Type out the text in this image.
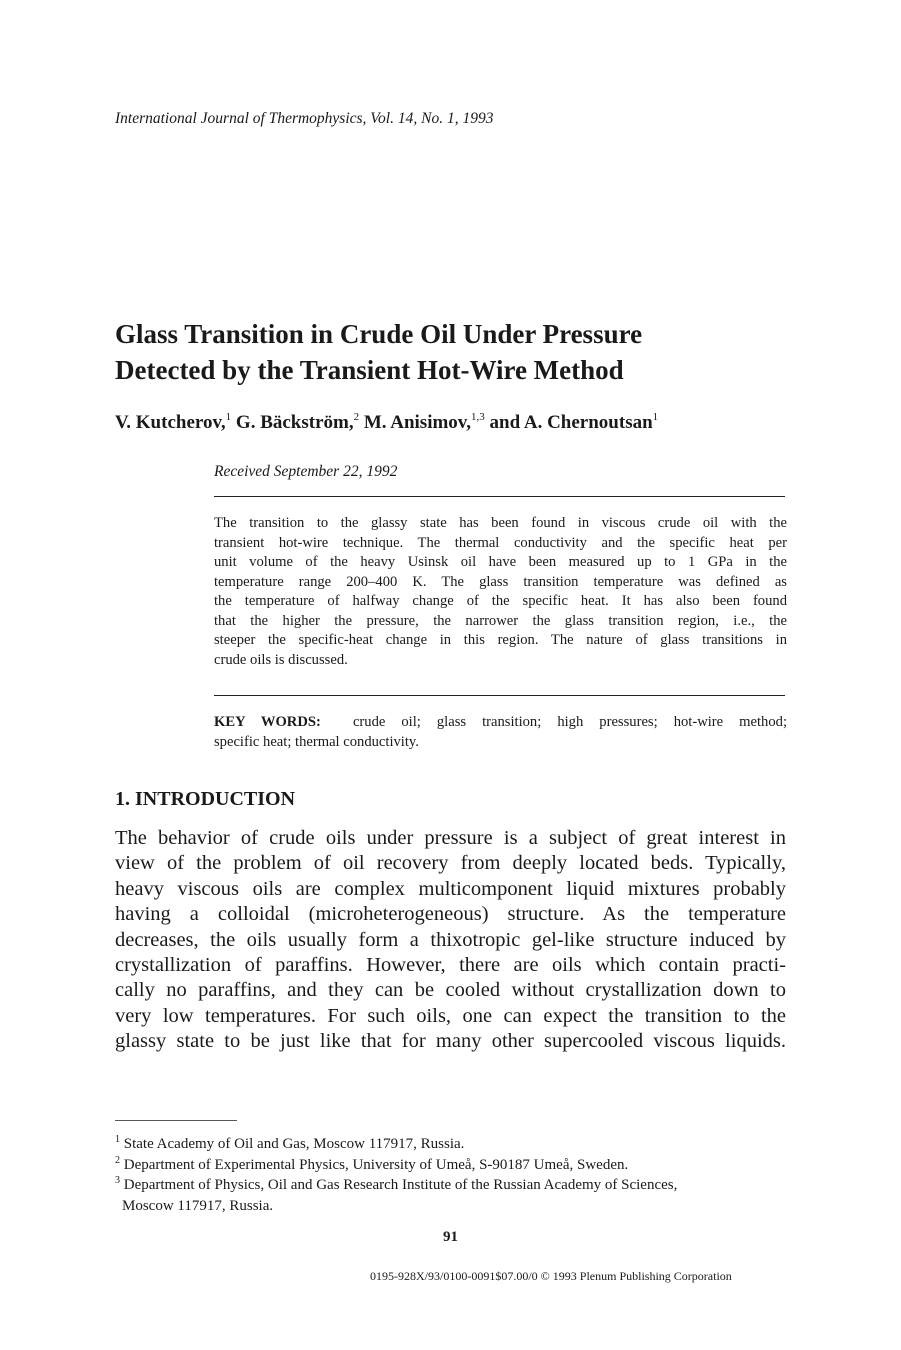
International Journal of Thermophysics, Vol. 14, No. 1, 1993
Glass Transition in Crude Oil Under Pressure
Detected by the Transient Hot-Wire Method
V. Kutcherov,$^1$ G. Bäckström,$^2$ M. Anisimov,$^{1,3}$ and A. Chernoutsan$^1$
Received September 22, 1992
The transition to the glassy state has been found in viscous crude oil with the
transient hot-wire technique. The thermal conductivity and the specific heat per
unit volume of the heavy Usinsk oil have been measured up to 1 GPa in the
temperature range 200–400 K. The glass transition temperature was defined as
the temperature of halfway change of the specific heat. It has also been found
that the higher the pressure, the narrower the glass transition region, i.e., the
steeper the specific-heat change in this region. The nature of glass transitions in
crude oils is discussed.
KEY WORDS: crude oil; glass transition; high pressures; hot-wire method;
specific heat; thermal conductivity.
1. INTRODUCTION
The behavior of crude oils under pressure is a subject of great interest in
view of the problem of oil recovery from deeply located beds. Typically,
heavy viscous oils are complex multicomponent liquid mixtures probably
having a colloidal (microheterogeneous) structure. As the temperature
decreases, the oils usually form a thixotropic gel-like structure induced by
crystallization of paraffins. However, there are oils which contain practi-
cally no paraffins, and they can be cooled without crystallization down to
very low temperatures. For such oils, one can expect the transition to the
glassy state to be just like that for many other supercooled viscous liquids.
$^1$ State Academy of Oil and Gas, Moscow 117917, Russia.
$^2$ Department of Experimental Physics, University of Umeå, S-90187 Umeå, Sweden.
$^3$ Department of Physics, Oil and Gas Research Institute of the Russian Academy of Sciences,
Moscow 117917, Russia.
91
0195-928X/93/0100-0091$07.00/0 © 1993 Plenum Publishing Corporation
